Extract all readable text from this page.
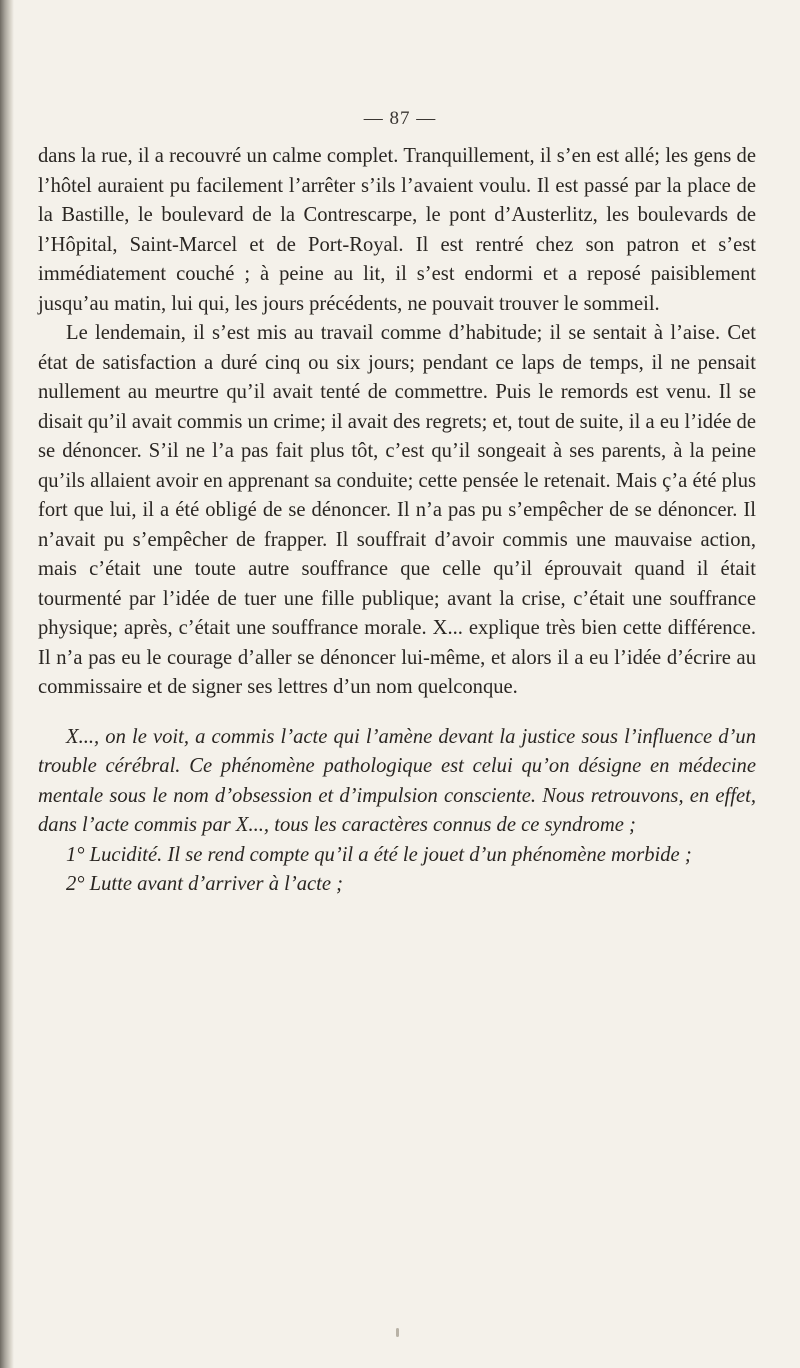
— 87 —

dans la rue, il a recouvré un calme complet. Tranquillement, il s’en est allé; les gens de l’hôtel auraient pu facilement l’arrêter s’ils l’avaient voulu. Il est passé par la place de la Bastille, le boulevard de la Contrescarpe, le pont d’Austerlitz, les boulevards de l’Hôpital, Saint-Marcel et de Port-Royal. Il est rentré chez son patron et s’est immédiatement couché ; à peine au lit, il s’est endormi et a reposé paisiblement jusqu’au matin, lui qui, les jours précédents, ne pouvait trouver le sommeil.

Le lendemain, il s’est mis au travail comme d’habitude; il se sentait à l’aise. Cet état de satisfaction a duré cinq ou six jours; pendant ce laps de temps, il ne pensait nullement au meurtre qu’il avait tenté de commettre. Puis le remords est venu. Il se disait qu’il avait commis un crime; il avait des regrets; et, tout de suite, il a eu l’idée de se dénoncer. S’il ne l’a pas fait plus tôt, c’est qu’il songeait à ses parents, à la peine qu’ils allaient avoir en apprenant sa conduite; cette pensée le retenait. Mais ç’a été plus fort que lui, il a été obligé de se dénoncer. Il n’a pas pu s’empêcher de se dénoncer. Il n’avait pu s’empêcher de frapper. Il souffrait d’avoir commis une mauvaise action, mais c’était une toute autre souffrance que celle qu’il éprouvait quand il était tourmenté par l’idée de tuer une fille publique; avant la crise, c’était une souffrance physique; après, c’était une souffrance morale. X... explique très bien cette différence. Il n’a pas eu le courage d’aller se dénoncer lui-même, et alors il a eu l’idée d’écrire au commissaire et de signer ses lettres d’un nom quelconque.

X..., on le voit, a commis l’acte qui l’amène devant la justice sous l’influence d’un trouble cérébral. Ce phénomène pathologique est celui qu’on désigne en médecine mentale sous le nom d’obsession et d’impulsion consciente. Nous retrouvons, en effet, dans l’acte commis par X..., tous les caractères connus de ce syndrome ;

1° Lucidité. Il se rend compte qu’il a été le jouet d’un phénomène morbide ;

2° Lutte avant d’arriver à l’acte ;
